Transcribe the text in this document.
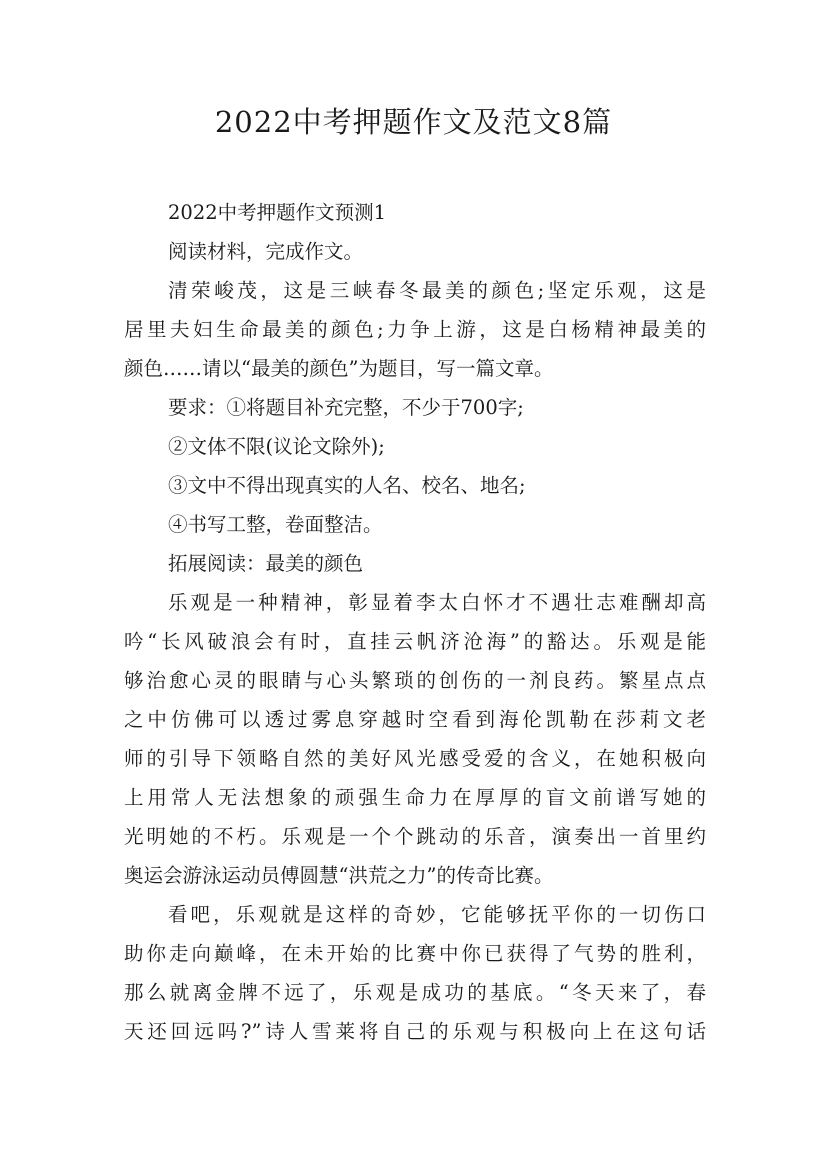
2022中考押题作文及范文8篇
2022中考押题作文预测1
阅读材料，完成作文。
清荣峻茂，这是三峡春冬最美的颜色;坚定乐观，这是
居里夫妇生命最美的颜色;力争上游，这是白杨精神最美的
颜色……请以“最美的颜色”为题目，写一篇文章。
要求：①将题目补充完整，不少于700字;
②文体不限(议论文除外);
③文中不得出现真实的人名、校名、地名;
④书写工整，卷面整洁。
拓展阅读：最美的颜色
乐观是一种精神，彰显着李太白怀才不遇壮志难酬却高
吟“长风破浪会有时，直挂云帆济沧海”的豁达。乐观是能
够治愈心灵的眼睛与心头繁琐的创伤的一剂良药。繁星点点
之中仿佛可以透过雾息穿越时空看到海伦凯勒在莎莉文老
师的引导下领略自然的美好风光感受爱的含义，在她积极向
上用常人无法想象的顽强生命力在厚厚的盲文前谱写她的
光明她的不朽。乐观是一个个跳动的乐音，演奏出一首里约
奥运会游泳运动员傅圆慧“洪荒之力”的传奇比赛。
看吧，乐观就是这样的奇妙，它能够抚平你的一切伤口
助你走向巅峰，在未开始的比赛中你已获得了气势的胜利，
那么就离金牌不远了，乐观是成功的基底。“冬天来了，春
天还回远吗?”诗人雪莱将自己的乐观与积极向上在这句话
